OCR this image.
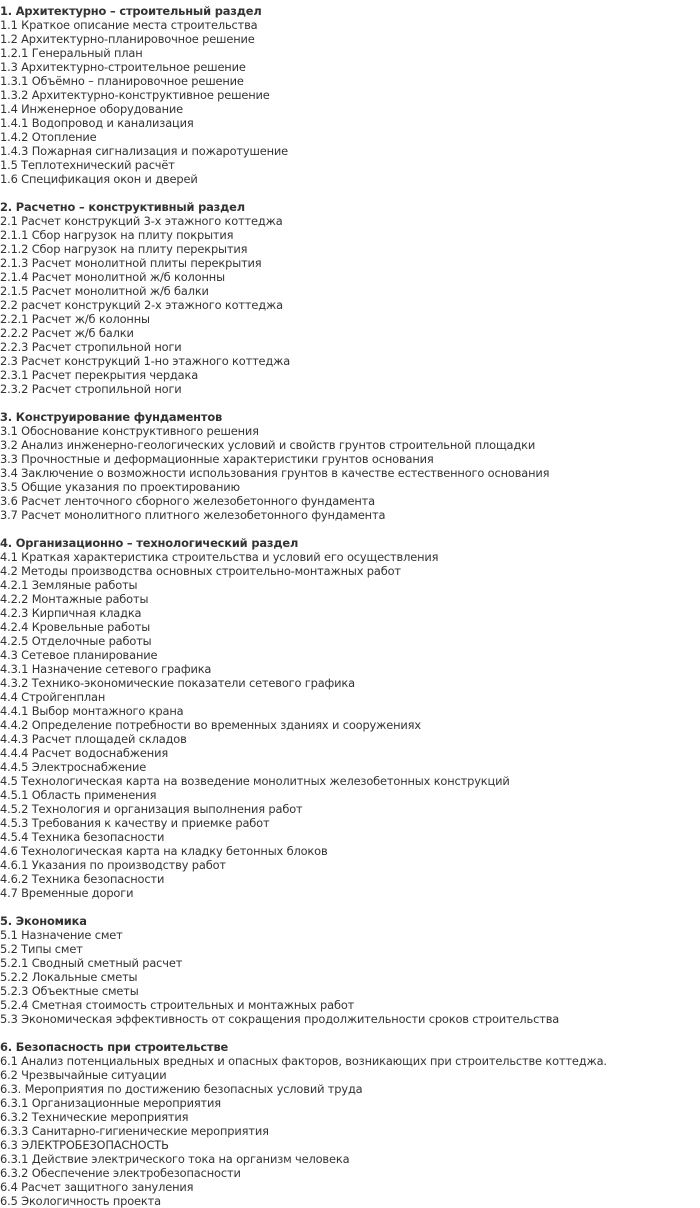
1. Архитектурно – строительный раздел
1.1 Краткое описание места строительства
1.2 Архитектурно-планировочное решение
1.2.1 Генеральный план
1.3 Архитектурно-строительное решение
1.3.1 Объёмно – планировочное решение
1.3.2 Архитектурно-конструктивное решение
1.4 Инженерное оборудование
1.4.1 Водопровод и канализация
1.4.2 Отопление
1.4.3 Пожарная сигнализация и пожаротушение
1.5 Теплотехнический расчёт
1.6 Спецификация окон и дверей
2. Расчетно – конструктивный раздел
2.1 Расчет конструкций 3-х этажного коттеджа
2.1.1 Сбор нагрузок на плиту покрытия
2.1.2 Сбор нагрузок на плиту перекрытия
2.1.3 Расчет монолитной плиты перекрытия
2.1.4 Расчет монолитной ж/б колонны
2.1.5 Расчет монолитной ж/б балки
2.2 расчет конструкций 2-х этажного коттеджа
2.2.1 Расчет ж/б колонны
2.2.2 Расчет ж/б балки
2.2.3 Расчет стропильной ноги
2.3 Расчет конструкций 1-но этажного коттеджа
2.3.1 Расчет перекрытия чердака
2.3.2 Расчет стропильной ноги
3. Конструирование фундаментов
3.1 Обоснование конструктивного решения
3.2 Анализ инженерно-геологических условий и свойств грунтов строительной площадки
3.3 Прочностные и деформационные характеристики грунтов основания
3.4 Заключение о возможности использования грунтов в качестве естественного основания
3.5 Общие указания по проектированию
3.6 Расчет ленточного сборного железобетонного фундамента
3.7 Расчет монолитного плитного железобетонного фундамента
4. Организационно – технологический раздел
4.1 Краткая характеристика строительства и условий его осуществления
4.2 Методы производства основных строительно-монтажных работ
4.2.1 Земляные работы
4.2.2 Монтажные работы
4.2.3 Кирпичная кладка
4.2.4 Кровельные работы
4.2.5 Отделочные работы
4.3 Сетевое планирование
4.3.1 Назначение сетевого графика
4.3.2 Технико-экономические показатели сетевого графика
4.4 Стройгенплан
4.4.1 Выбор монтажного крана
4.4.2 Определение потребности во временных зданиях и сооружениях
4.4.3 Расчет площадей складов
4.4.4 Расчет водоснабжения
4.4.5 Электроснабжение
4.5 Технологическая карта на возведение монолитных железобетонных конструкций
4.5.1 Область применения
4.5.2 Технология и организация выполнения работ
4.5.3 Требования к качеству и приемке работ
4.5.4 Техника безопасности
4.6 Технологическая карта на кладку бетонных блоков
4.6.1 Указания по производству работ
4.6.2 Техника безопасности
4.7 Временные дороги
5. Экономика
5.1 Назначение смет
5.2 Типы смет
5.2.1 Сводный сметный расчет
5.2.2 Локальные сметы
5.2.3 Объектные сметы
5.2.4 Сметная стоимость строительных и монтажных работ
5.3 Экономическая эффективность от сокращения продолжительности сроков строительства
6. Безопасность при строительстве
6.1 Анализ потенциальных вредных и опасных факторов, возникающих при строительстве коттеджа.
6.2 Чрезвычайные ситуации
6.3. Мероприятия по достижению безопасных условий труда
6.3.1 Организационные мероприятия
6.3.2 Технические мероприятия
6.3.3 Санитарно-гигиенические мероприятия
6.3 ЭЛЕКТРОБЕЗОПАСНОСТЬ
6.3.1 Действие электрического тока на организм человека
6.3.2 Обеспечение электробезопасности
6.4 Расчет защитного зануления
6.5 Экологичность проекта
